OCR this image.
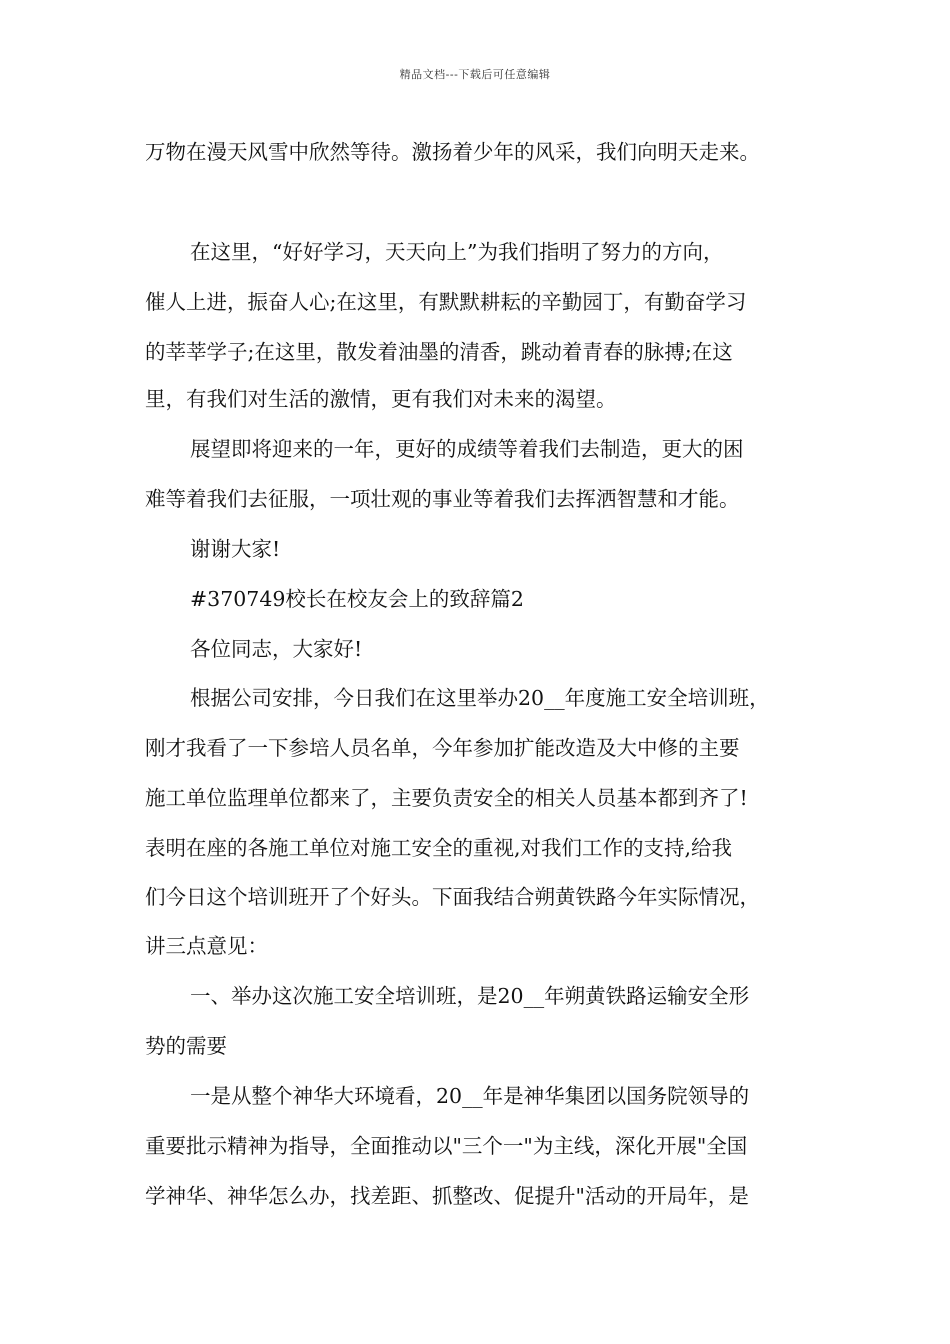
精品文档---下载后可任意编辑

万物在漫天风雪中欣然等待。激扬着少年的风采，我们向明天走来。

在这里，“好好学习，天天向上”为我们指明了努力的方向，

催人上进，振奋人心;在这里，有默默耕耘的辛勤园丁，有勤奋学习

的莘莘学子;在这里，散发着油墨的清香，跳动着青春的脉搏;在这

里，有我们对生活的激情，更有我们对未来的渴望。

展望即将迎来的一年，更好的成绩等着我们去制造，更大的困

难等着我们去征服，一项壮观的事业等着我们去挥洒智慧和才能。

谢谢大家!

#370749校长在校友会上的致辞篇2

各位同志，大家好!

根据公司安排，今日我们在这里举办20__年度施工安全培训班，

刚才我看了一下参培人员名单，今年参加扩能改造及大中修的主要

施工单位监理单位都来了，主要负责安全的相关人员基本都到齐了!

表明在座的各施工单位对施工安全的重视,对我们工作的支持,给我

们今日这个培训班开了个好头。下面我结合朔黄铁路今年实际情况，

讲三点意见：

一、举办这次施工安全培训班，是20__年朔黄铁路运输安全形

势的需要

一是从整个神华大环境看，20__年是神华集团以国务院领导的

重要批示精神为指导，全面推动以"三个一"为主线，深化开展"全国

学神华、神华怎么办，找差距、抓整改、促提升"活动的开局年，是
